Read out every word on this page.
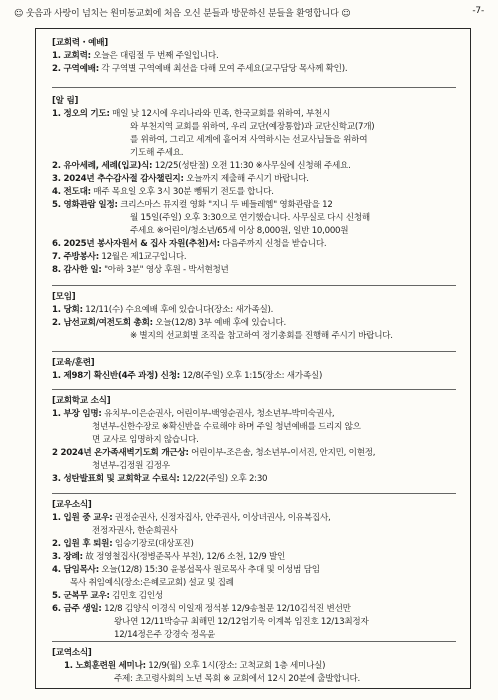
☺ 웃음과 사랑이 넘치는 원미동교회에 처음 오신 분들과 방문하신 분들을 환영합니다 ☺	-7-
[교회력・예배]
1. 교회력: 오늘은 대림절 두 번째 주일입니다.
2. 구역예배: 각 구역별 구역예배 최선을 다해 모여 주세요(교구담당 목사께 확인).
[알 림]
1. 정오의 기도: 매일 낮 12시에 우리나라와 민족, 한국교회를 위하여, 부천시
와 부천지역 교회를 위하여, 우리 교단(예장통합)과 교단신학교(7개)
를 위하여, 그리고 세계에 흩어져 사역하시는 선교사님들을 위하여
기도해 주세요.
2. 유아세례, 세례(입교)식: 12/25(성탄절) 오전 11:30 ※사무실에 신청해 주세요.
3. 2024년 추수감사절 감사챌린지: 오늘까지 제출해 주시기 바랍니다.
4. 전도대: 매주 목요일 오후 3시 30분 뺑튀기 전도를 합니다.
5. 영화관람 일정: 크리스마스 뮤지컬 영화 "지니 두 베들레헴" 영화관람을 12
월 15일(주일) 오후 3:30으로 연기했습니다. 사무실로 다시 신청해
주세요 ※어린이/청소년/65세 이상 8,000원, 일반 10,000원
6. 2025년 봉사자원서 & 집사 자원(추천)서: 다음주까지 신청을 받습니다.
7. 주방봉사: 12월은 제1교구입니다.
8. 감사한 일: "아하 3분" 영상 후원 - 박서현청년
[모임]
1. 당회: 12/11(수) 수요예배 후에 있습니다(장소: 새가족실).
2. 남선교회/여전도회 총회: 오늘(12/8) 3부 예배 후에 있습니다.
※ 별지의 선교회별 조직을 참고하여 정기총회를 진행해 주시기 바랍니다.
[교육/훈련]
1. 제98기 확신반(4주 과정) 신청: 12/8(주일) 오후 1:15(장소: 새가족실)
[교회학교 소식]
1. 부장 임명: 유치부-이은순권사, 어린이부-백영순권사, 청소년부-박미숙권사,
청년부-신한수장로 ※확신반을 수료해야 하며 주일 청년예배를 드리지 않으
면 교사로 임명하지 않습니다.
2 2024년 온가족새벽기도회 개근상: 어린이부-조은솔, 청소년부-이서진, 안지민, 이현정,
청년부-김정원 김정우
3. 성탄발표회 및 교회학교 수료식: 12/22(주일) 오후 2:30
[교우소식]
1. 입원 중 교우: 권정순권사, 신정자집사, 안주권사, 이상녀권사, 이유복집사,
전정자권사, 한순희권사
2. 입원 후 퇴원: 임승기장로(대상포진)
3. 장례: 故 정영철집사(정병준목사 부친), 12/6 소천, 12/9 발인
4. 담임목사: 오늘(12/8) 15:30 윤봉섭목사 원로목사 추대 및 이성범 담임
목사 취임예식(장소:은혜로교회) 설교 및 집례
5. 군복무 교우: 김민호 김인성
6. 금주 생일: 12/8 김양식 이경식 이일재 정석봉 12/9송철문 12/10김석진 변선만
왕나연 12/11박승규 최해민 12/12엄기욱 이계복 임진호 12/13최정자
12/14정은주 강경숙 정옥윤
[교역소식]
1. 노회훈련원 세미나: 12/9(월) 오후 1시(장소: 고척교회 1층 세미나실)
주제: 초고령사회의 노년 목회 ※ 교회에서 12시 20분에 출발합니다.
